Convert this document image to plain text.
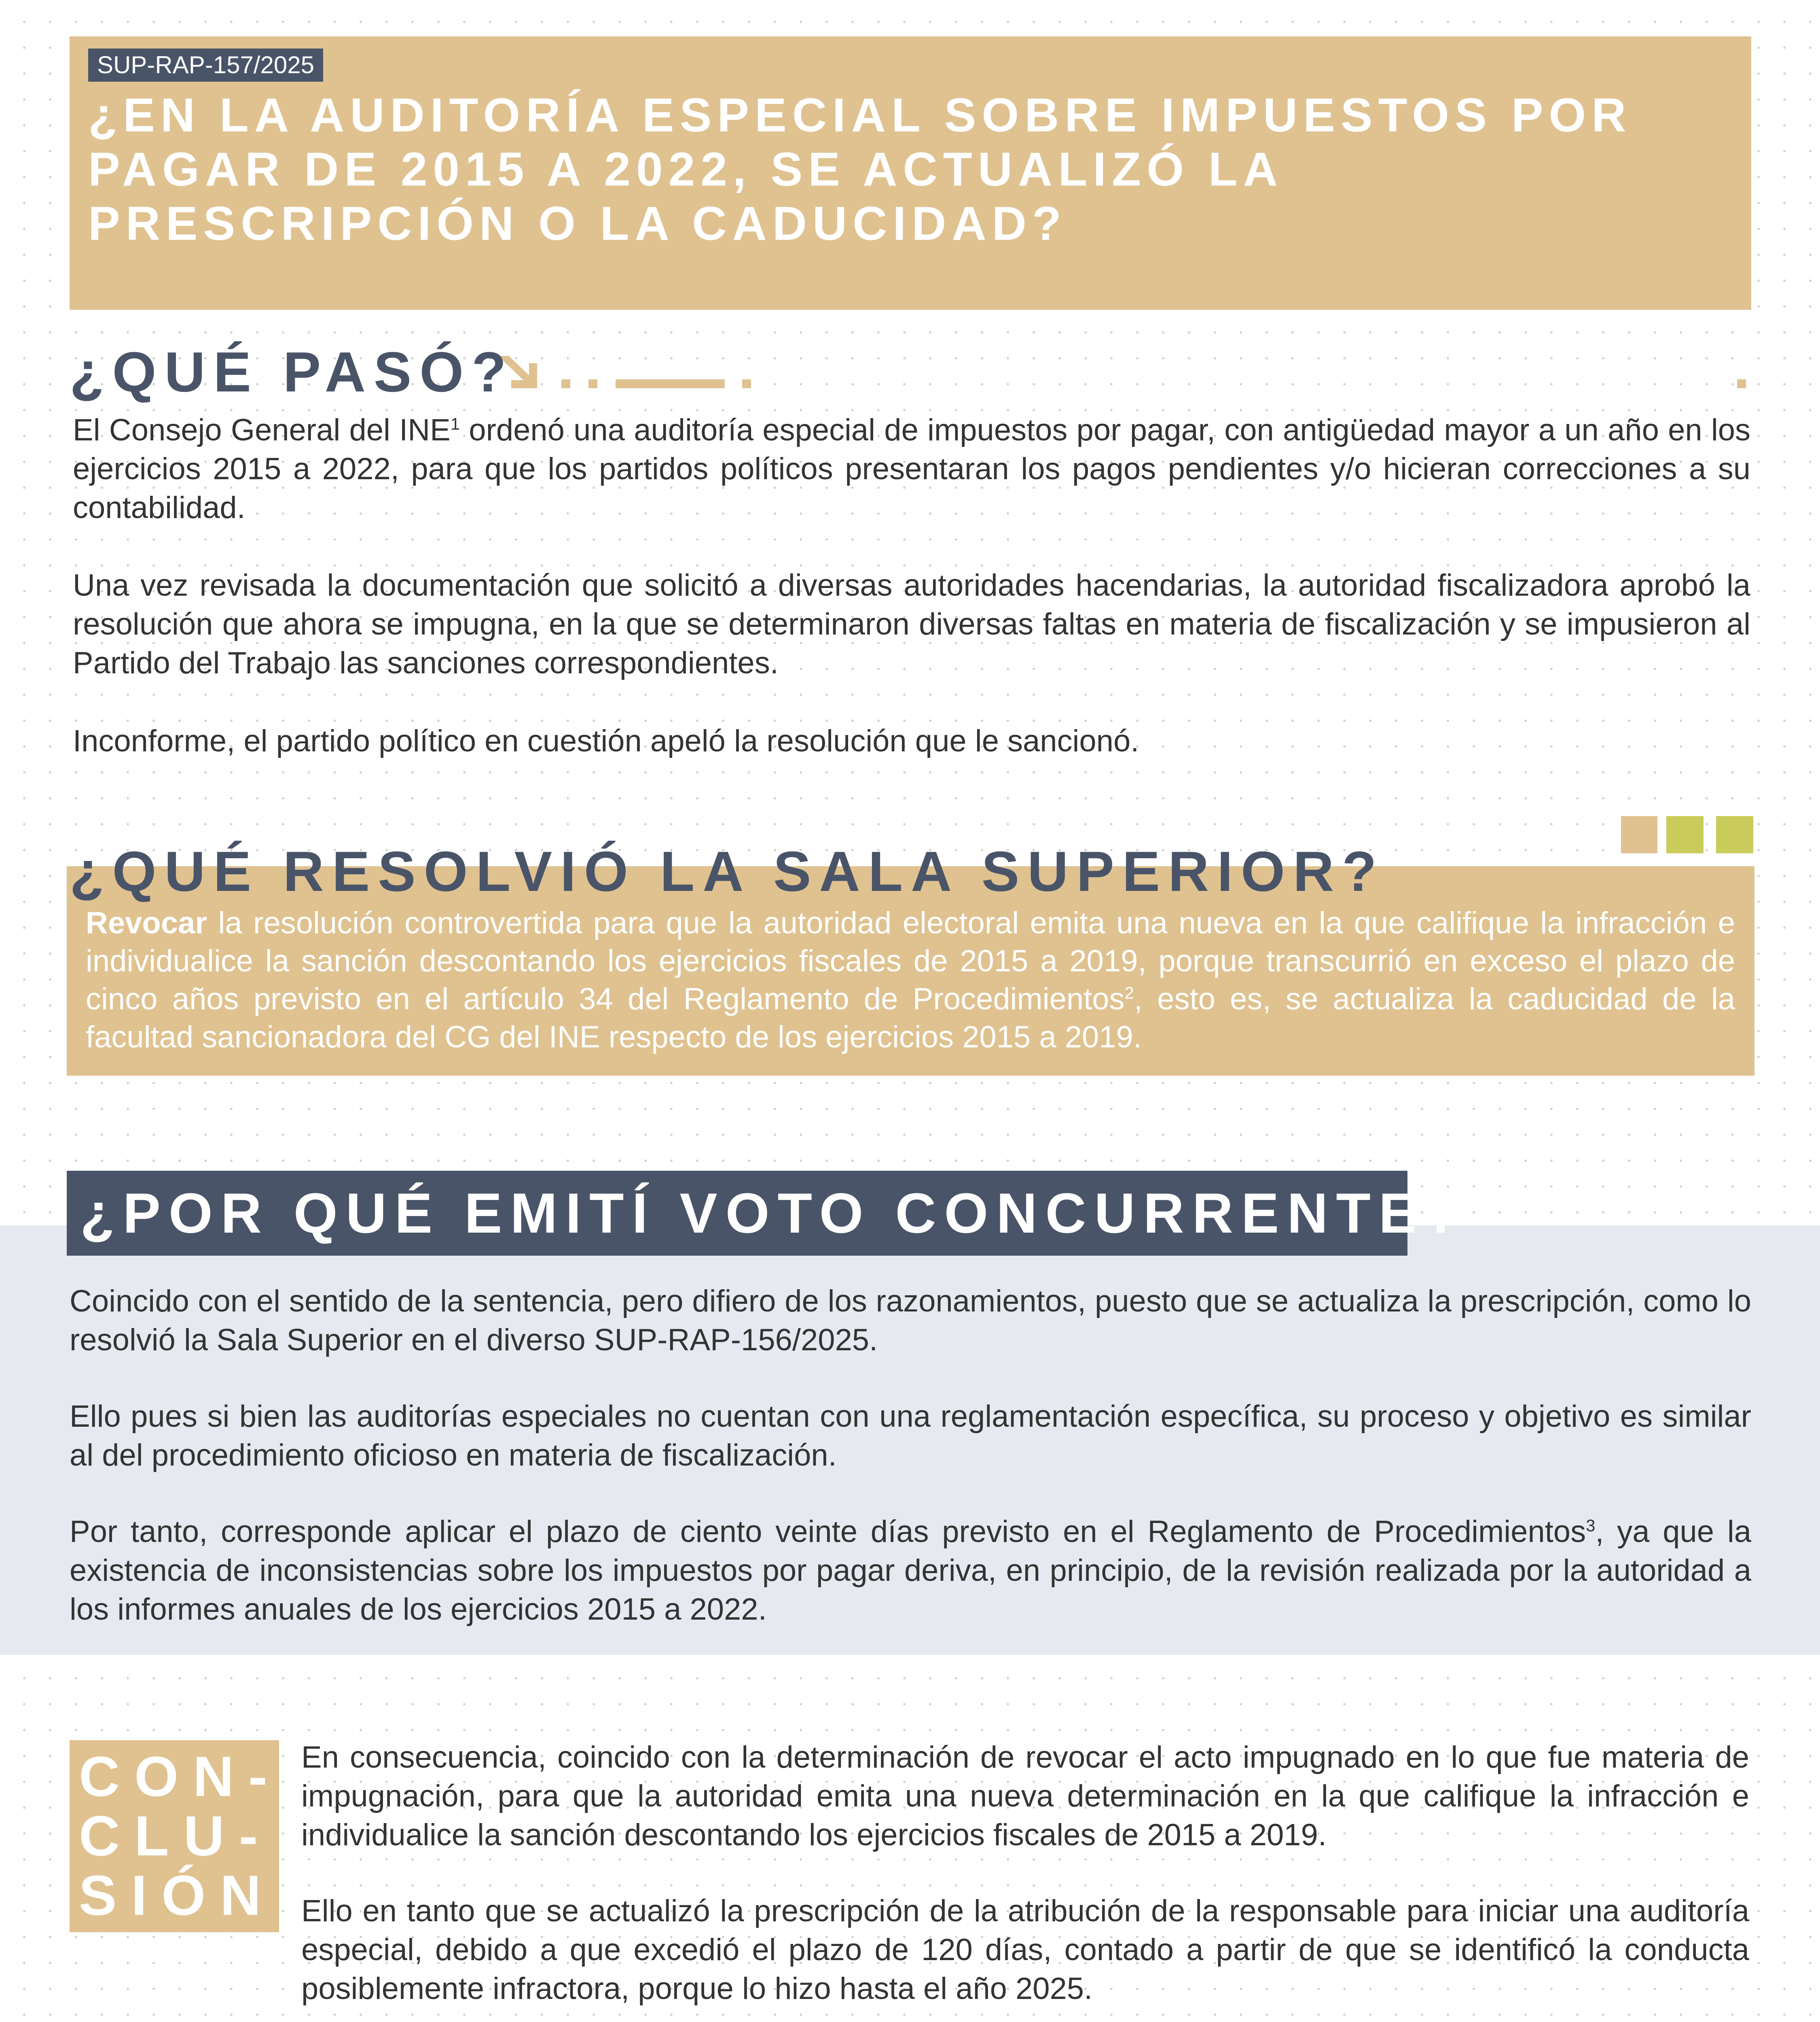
SUP-RAP-157/2025
¿EN LA AUDITORÍA ESPECIAL SOBRE IMPUESTOS POR PAGAR DE 2015 A 2022, SE ACTUALIZÓ LA PRESCRIPCIÓN O LA CADUCIDAD?
¿QUÉ PASÓ?

El Consejo General del INE$^1$ ordenó una auditoría especial de impuestos por pagar, con antigüedad mayor a un año en los ejercicios 2015 a 2022, para que los partidos políticos presentaran los pagos pendientes y/o hicieran correcciones a su contabilidad.

Una vez revisada la documentación que solicitó a diversas autoridades hacendarias, la autoridad fiscalizadora aprobó la resolución que ahora se impugna, en la que se determinaron diversas faltas en materia de fiscalización y se impusieron al Partido del Trabajo las sanciones correspondientes.

Inconforme, el partido político en cuestión apeló la resolución que le sancionó.

¿QUÉ RESOLVIÓ LA SALA SUPERIOR?

Revocar la resolución controvertida para que la autoridad electoral emita una nueva en la que califique la infracción e individualice la sanción descontando los ejercicios fiscales de 2015 a 2019, porque transcurrió en exceso el plazo de cinco años previsto en el artículo 34 del Reglamento de Procedimientos$^2$, esto es, se actualiza la caducidad de la facultad sancionadora del CG del INE respecto de los ejercicios 2015 a 2019.

¿POR QUÉ EMITÍ VOTO CONCURRENTE?

Coincido con el sentido de la sentencia, pero difiero de los razonamientos, puesto que se actualiza la prescripción, como lo resolvió la Sala Superior en el diverso SUP-RAP-156/2025.

Ello pues si bien las auditorías especiales no cuentan con una reglamentación específica, su proceso y objetivo es similar al del procedimiento oficioso en materia de fiscalización.

Por tanto, corresponde aplicar el plazo de ciento veinte días previsto en el Reglamento de Procedimientos$^3$, ya que la existencia de inconsistencias sobre los impuestos por pagar deriva, en principio, de la revisión realizada por la autoridad a los informes anuales de los ejercicios 2015 a 2022.

CON-
CLU-
SIÓN

En consecuencia, coincido con la determinación de revocar el acto impugnado en lo que fue materia de impugnación, para que la autoridad emita una nueva determinación en la que califique la infracción e individualice la sanción descontando los ejercicios fiscales de 2015 a 2019.

Ello en tanto que se actualizó la prescripción de la atribución de la responsable para iniciar una auditoría especial, debido a que excedió el plazo de 120 días, contado a partir de que se identificó la conducta posiblemente infractora, porque lo hizo hasta el año 2025.
